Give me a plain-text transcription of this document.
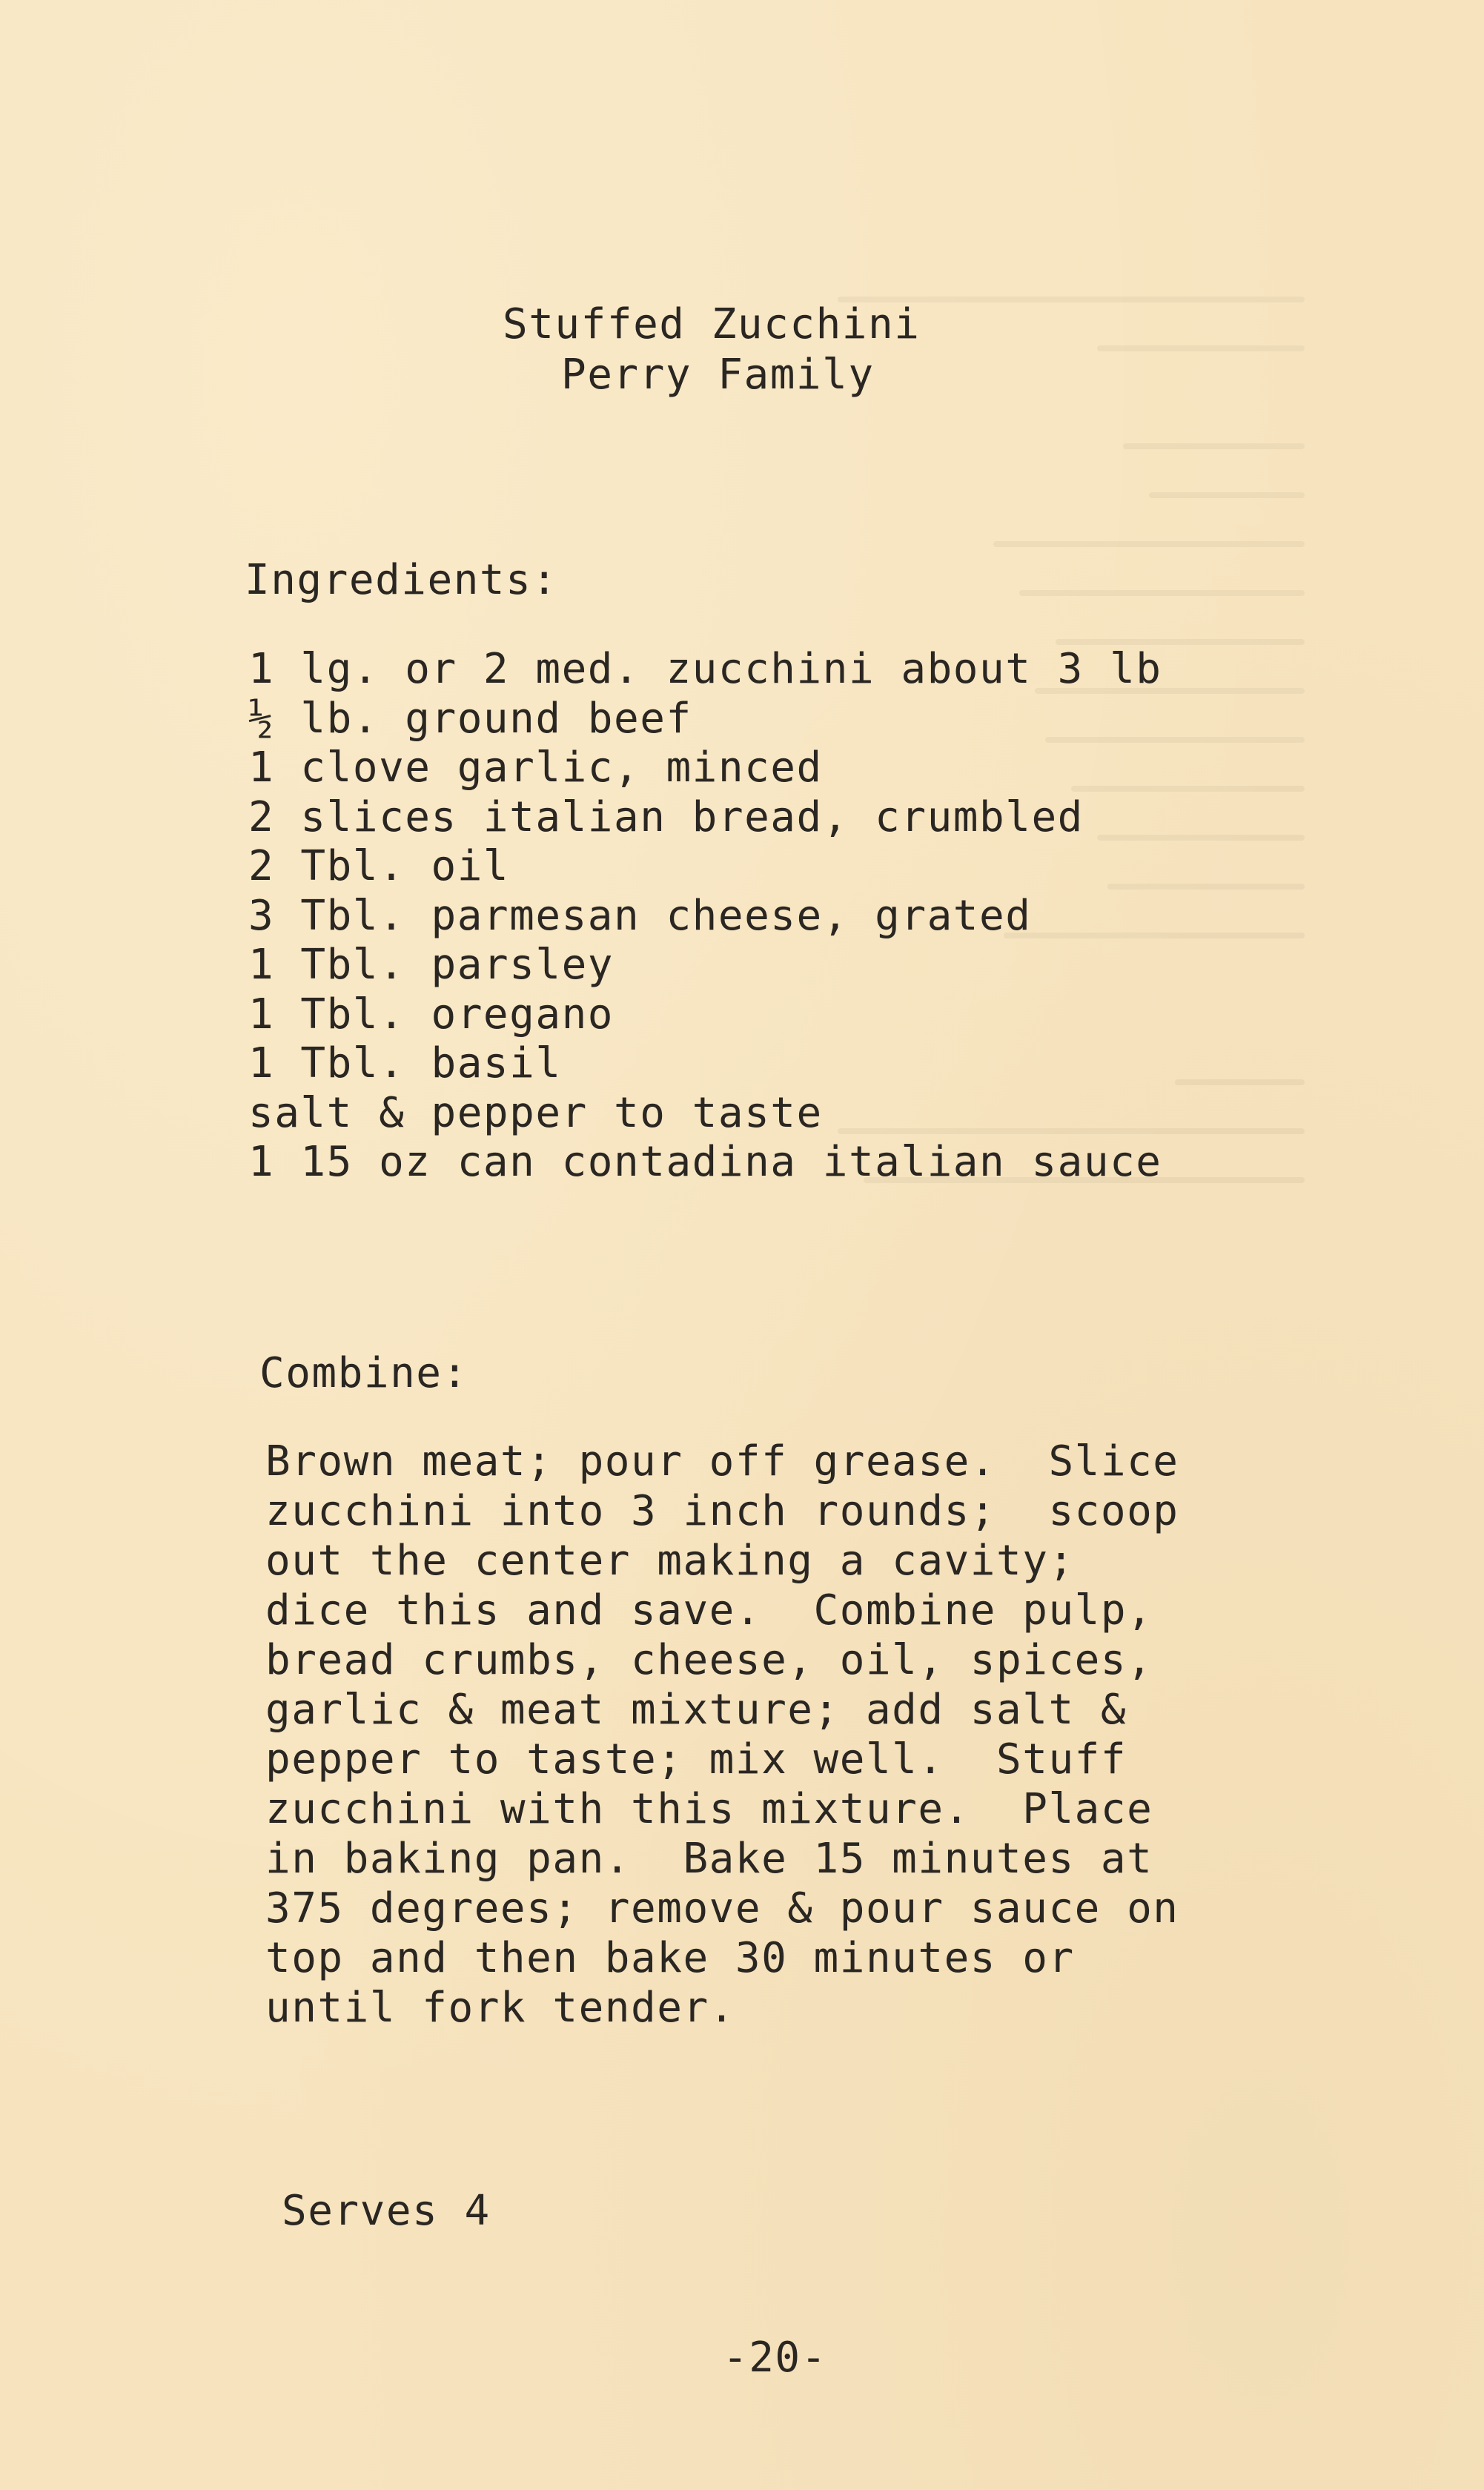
Stuffed Zucchini
Perry Family
Ingredients:
1 lg. or 2 med. zucchini about 3 lb
½ lb. ground beef
1 clove garlic, minced
2 slices italian bread, crumbled
2 Tbl. oil
3 Tbl. parmesan cheese, grated
1 Tbl. parsley
1 Tbl. oregano
1 Tbl. basil
salt & pepper to taste
1 15 oz can contadina italian sauce
Combine:
Brown meat; pour off grease.  Slice
zucchini into 3 inch rounds;  scoop
out the center making a cavity;
dice this and save.  Combine pulp,
bread crumbs, cheese, oil, spices,
garlic & meat mixture; add salt &
pepper to taste; mix well.  Stuff
zucchini with this mixture.  Place
in baking pan.  Bake 15 minutes at
375 degrees; remove & pour sauce on
top and then bake 30 minutes or
until fork tender.
Serves 4
-20-
